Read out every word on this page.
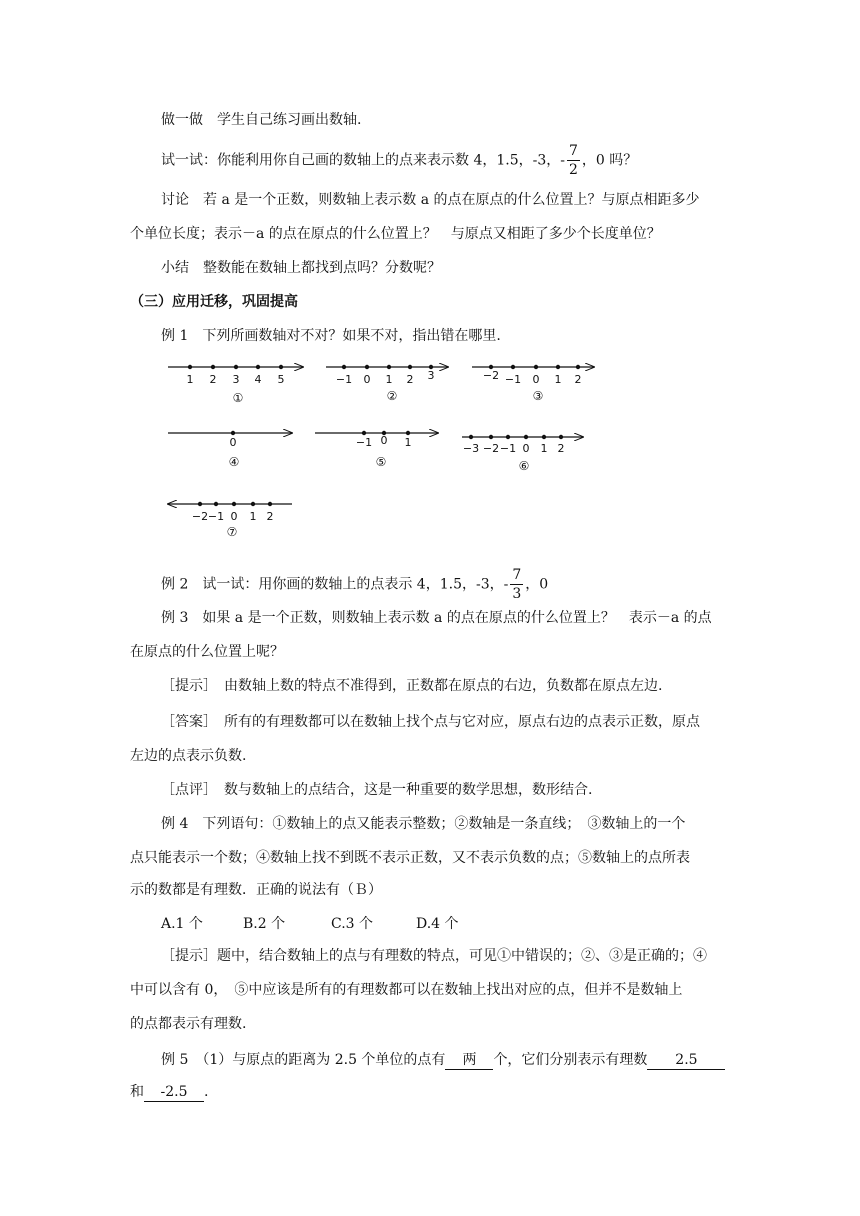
做一做　学生自己练习画出数轴.
试一试：你能利用你自己画的数轴上的点来表示数 4，1.5，-3，- $\frac{7}{2}$ ，0 吗？
讨论　若 a 是一个正数，则数轴上表示数 a 的点在原点的什么位置上？与原点相距多少
个单位长度；表示－a 的点在原点的什么位置上？　与原点又相距了多少个长度单位？
小结　整数能在数轴上都找到点吗？分数呢？
（三）应用迁移，巩固提高
例 1　下列所画数轴对不对？如果不对，指出错在哪里.
1 2 3 4 5
①
−1 0 1 2 3
②
−2 −1 0 1 2
③
0
④
−1 0 1
⑤
−3 −2 −1 0 1 2
⑥
−2 −1 0 1 2
⑦
例 2　试一试：用你画的数轴上的点表示 4，1.5，-3，- $\frac{7}{3}$ ，0
例 3　如果 a 是一个正数，则数轴上表示数 a 的点在原点的什么位置上？　表示－a 的点
在原点的什么位置上呢？
［提示］　由数轴上数的特点不准得到，正数都在原点的右边，负数都在原点左边.
［答案］　所有的有理数都可以在数轴上找个点与它对应，原点右边的点表示正数，原点
左边的点表示负数.
［点评］　数与数轴上的点结合，这是一种重要的数学思想，数形结合.
例 4　下列语句：①数轴上的点又能表示整数；②数轴是一条直线；　③数轴上的一个
点只能表示一个数；④数轴上找不到既不表示正数，又不表示负数的点；⑤数轴上的点所表
示的数都是有理数．正确的说法有（Ｂ）
A.1 个	B.2 个	C.3 个	D.4 个
［提示］题中，结合数轴上的点与有理数的特点，可见①中错误的；②、③是正确的；④
中可以含有 0，　⑤中应该是所有的有理数都可以在数轴上找出对应的点，但并不是数轴上
的点都表示有理数.
例 5　（1）与原点的距离为 2.5 个单位的点有 两 个，它们分别表示有理数 2.5
和 -2.5 .
